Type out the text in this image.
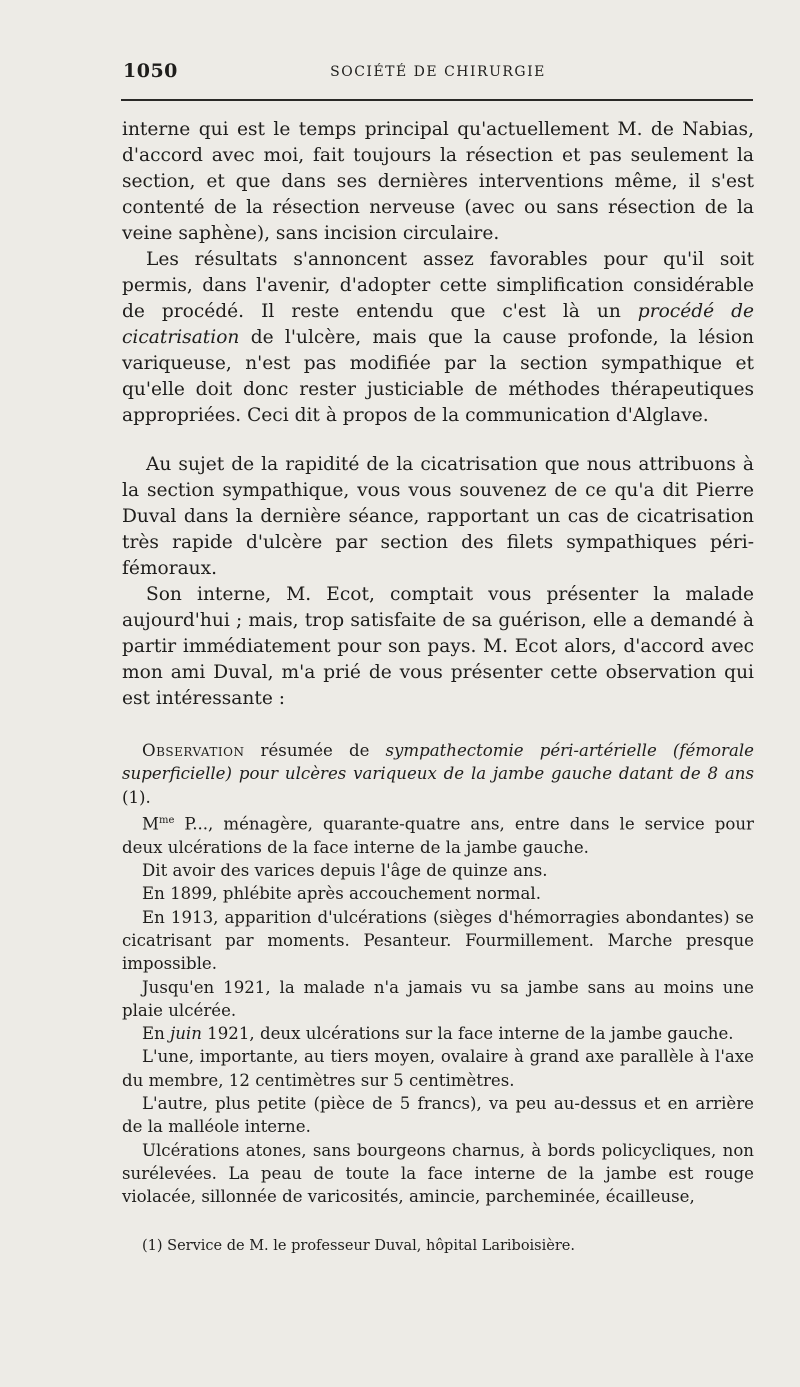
1050	SOCIÉTÉ DE CHIRURGIE

interne qui est le temps principal qu'actuellement M. de Nabias, d'accord avec moi, fait toujours la résection et pas seulement la section, et que dans ses dernières interventions même, il s'est contenté de la résection nerveuse (avec ou sans résection de la veine saphène), sans incision circulaire.

Les résultats s'annoncent assez favorables pour qu'il soit permis, dans l'avenir, d'adopter cette simplification considérable de procédé. Il reste entendu que c'est là un procédé de cicatrisation de l'ulcère, mais que la cause profonde, la lésion variqueuse, n'est pas modifiée par la section sympathique et qu'elle doit donc rester justiciable de méthodes thérapeutiques appropriées. Ceci dit à propos de la communication d'Alglave.

Au sujet de la rapidité de la cicatrisation que nous attribuons à la section sympathique, vous vous souvenez de ce qu'a dit Pierre Duval dans la dernière séance, rapportant un cas de cicatrisation très rapide d'ulcère par section des filets sympathiques péri-fémoraux.

Son interne, M. Ecot, comptait vous présenter la malade aujourd'hui ; mais, trop satisfaite de sa guérison, elle a demandé à partir immédiatement pour son pays. M. Ecot alors, d'accord avec mon ami Duval, m'a prié de vous présenter cette observation qui est intéressante :

Observation résumée de sympathectomie péri-artérielle (fémorale superficielle) pour ulcères variqueux de la jambe gauche datant de 8 ans (1).

$M^{me}$ P..., ménagère, quarante-quatre ans, entre dans le service pour deux ulcérations de la face interne de la jambe gauche.

Dit avoir des varices depuis l'âge de quinze ans.

En 1899, phlébite après accouchement normal.

En 1913, apparition d'ulcérations (sièges d'hémorragies abondantes) se cicatrisant par moments. Pesanteur. Fourmillement. Marche presque impossible.

Jusqu'en 1921, la malade n'a jamais vu sa jambe sans au moins une plaie ulcérée.

En juin 1921, deux ulcérations sur la face interne de la jambe gauche.

L'une, importante, au tiers moyen, ovalaire à grand axe parallèle à l'axe du membre, 12 centimètres sur 5 centimètres.

L'autre, plus petite (pièce de 5 francs), va peu au-dessus et en arrière de la malléole interne.

Ulcérations atones, sans bourgeons charnus, à bords policycliques, non surélevées. La peau de toute la face interne de la jambe est rouge violacée, sillonnée de varicosités, amincie, parcheminée, écailleuse,

(1) Service de M. le professeur Duval, hôpital Lariboisière.
